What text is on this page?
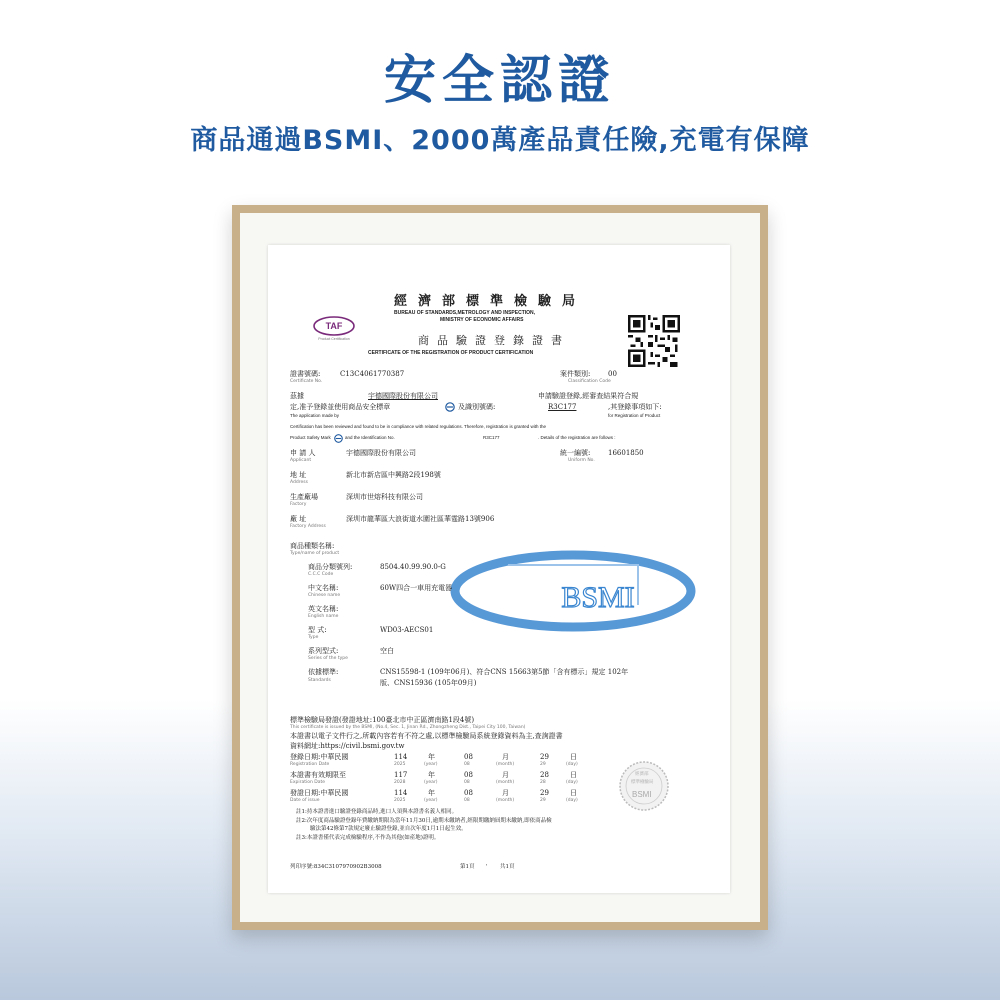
安全認證
商品通過BSMI、2000萬產品責任險,充電有保障
TAF
Product Certification
經濟部標準檢驗局
BUREAU OF STANDARDS,METROLOGY AND INSPECTION,
MINISTRY OF ECONOMIC AFFAIRS
商品驗證登錄證書
CERTIFICATE OF THE REGISTRATION OF PRODUCT CERTIFICATION
證書號碼:	C13C4061770387
Certificate No.
案件類別:	00
Classification Code
茲據	宇德國際股份有限公司	申請驗證登錄,經審查結果符合規
定,准予登錄並使用商品安全標章	及識別號碼:	R3C177	,其登錄事項如下:
The application made by	for Registration of Product
Certification has been reviewed and found to be in compliance with related regulations. Therefore, registration is granted with the
Product Safety Mark	and the Identification No.	R3C177	. Details of the registration are follows :
申 請 人	宇德國際股份有限公司
Applicant
統一編號:	16601850
Uniform No.
地 址	新北市新店區中興路2段198號
Address
生產廠場	深圳市世熔科技有限公司
Factory
廠 址	深圳市龍華區大浪街道水圍社區華霆路13號906
Factory Address
BSMI
商品種類名稱:
Type/name of product
商品分類號列:	8504.40.99.90.0-G
C.C.C Code
中文名稱:	60W四合一車用充電器
Chinese name
英文名稱:
English name
型 式:	WD03-AECS01
Type
系列型式:	空白
Series of the type
依據標準:	CNS15598-1 (109年06月)、符合CNS 15663第5節「含有標示」規定 102年
版、CNS15936 (105年09月)
Standards
標準檢驗局發證(發證地址:100臺北市中正區濟南路1段4號)
This certificate is issued by the BSMI, (No.4, Sec. 1, Jinan Rd., Zhongzheng Dist., Taipei City 100, Taiwan)
本證書以電子文件行之,所載內容若有不符之處,以標準檢驗局系統登錄資料為主,查詢證書
資料網址:https://civil.bsmi.gov.tw
登錄日期:中華民國	114	年	08	月	29	日
Registration Date	2025	(year)	08	(month)	29	(day)
本證書有效期限至	117	年	08	月	28	日
Expiration Date	2028	(year)	08	(month)	28	(day)
發證日期:中華民國	114	年	08	月	29	日
Date of issue	2025	(year)	08	(month)	29	(day)
經濟部
標準檢驗局
BSMI
註1:持本證書進口驗證登錄商品時,進口人須與本證書名義人相同。
註2:次年度商品驗證登錄年費繳納期限為當年11月30日,逾期未繳納者,經限期繳納屆期未繳納,即依商品檢
驗法第42條第7款規定廢止驗證登錄,並自次年度1月1日起生效。
註3:本證書僅代表完成檢驗程序,不作為其他(如產地)證明。
列印序號:834C3107970902B3008	第1頁 ' 共1頁
